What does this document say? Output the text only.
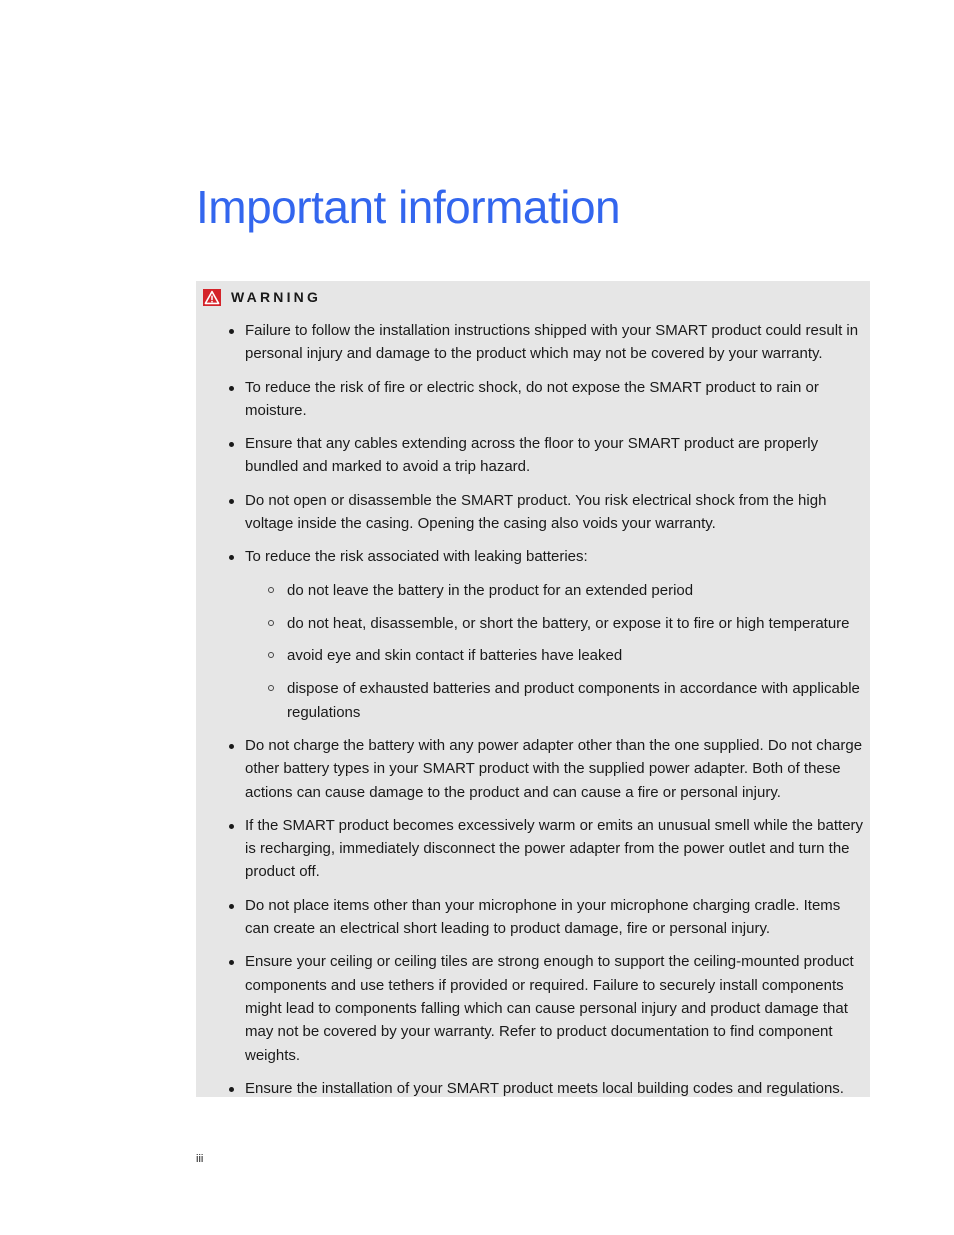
Important information
WARNING
Failure to follow the installation instructions shipped with your SMART product could result in personal injury and damage to the product which may not be covered by your warranty.
To reduce the risk of fire or electric shock, do not expose the SMART product to rain or moisture.
Ensure that any cables extending across the floor to your SMART product are properly bundled and marked to avoid a trip hazard.
Do not open or disassemble the SMART product. You risk electrical shock from the high voltage inside the casing. Opening the casing also voids your warranty.
To reduce the risk associated with leaking batteries:
do not leave the battery in the product for an extended period
do not heat, disassemble, or short the battery, or expose it to fire or high temperature
avoid eye and skin contact if batteries have leaked
dispose of exhausted batteries and product components in accordance with applicable regulations
Do not charge the battery with any power adapter other than the one supplied. Do not charge other battery types in your SMART product with the supplied power adapter. Both of these actions can cause damage to the product and can cause a fire or personal injury.
If the SMART product becomes excessively warm or emits an unusual smell while the battery is recharging, immediately disconnect the power adapter from the power outlet and turn the product off.
Do not place items other than your microphone in your microphone charging cradle. Items can create an electrical short leading to product damage, fire or personal injury.
Ensure your ceiling or ceiling tiles are strong enough to support the ceiling-mounted product components and use tethers if provided or required. Failure to securely install components might lead to components falling which can cause personal injury and product damage that may not be covered by your warranty. Refer to product documentation to find component weights.
Ensure the installation of your SMART product meets local building codes and regulations.
iii
